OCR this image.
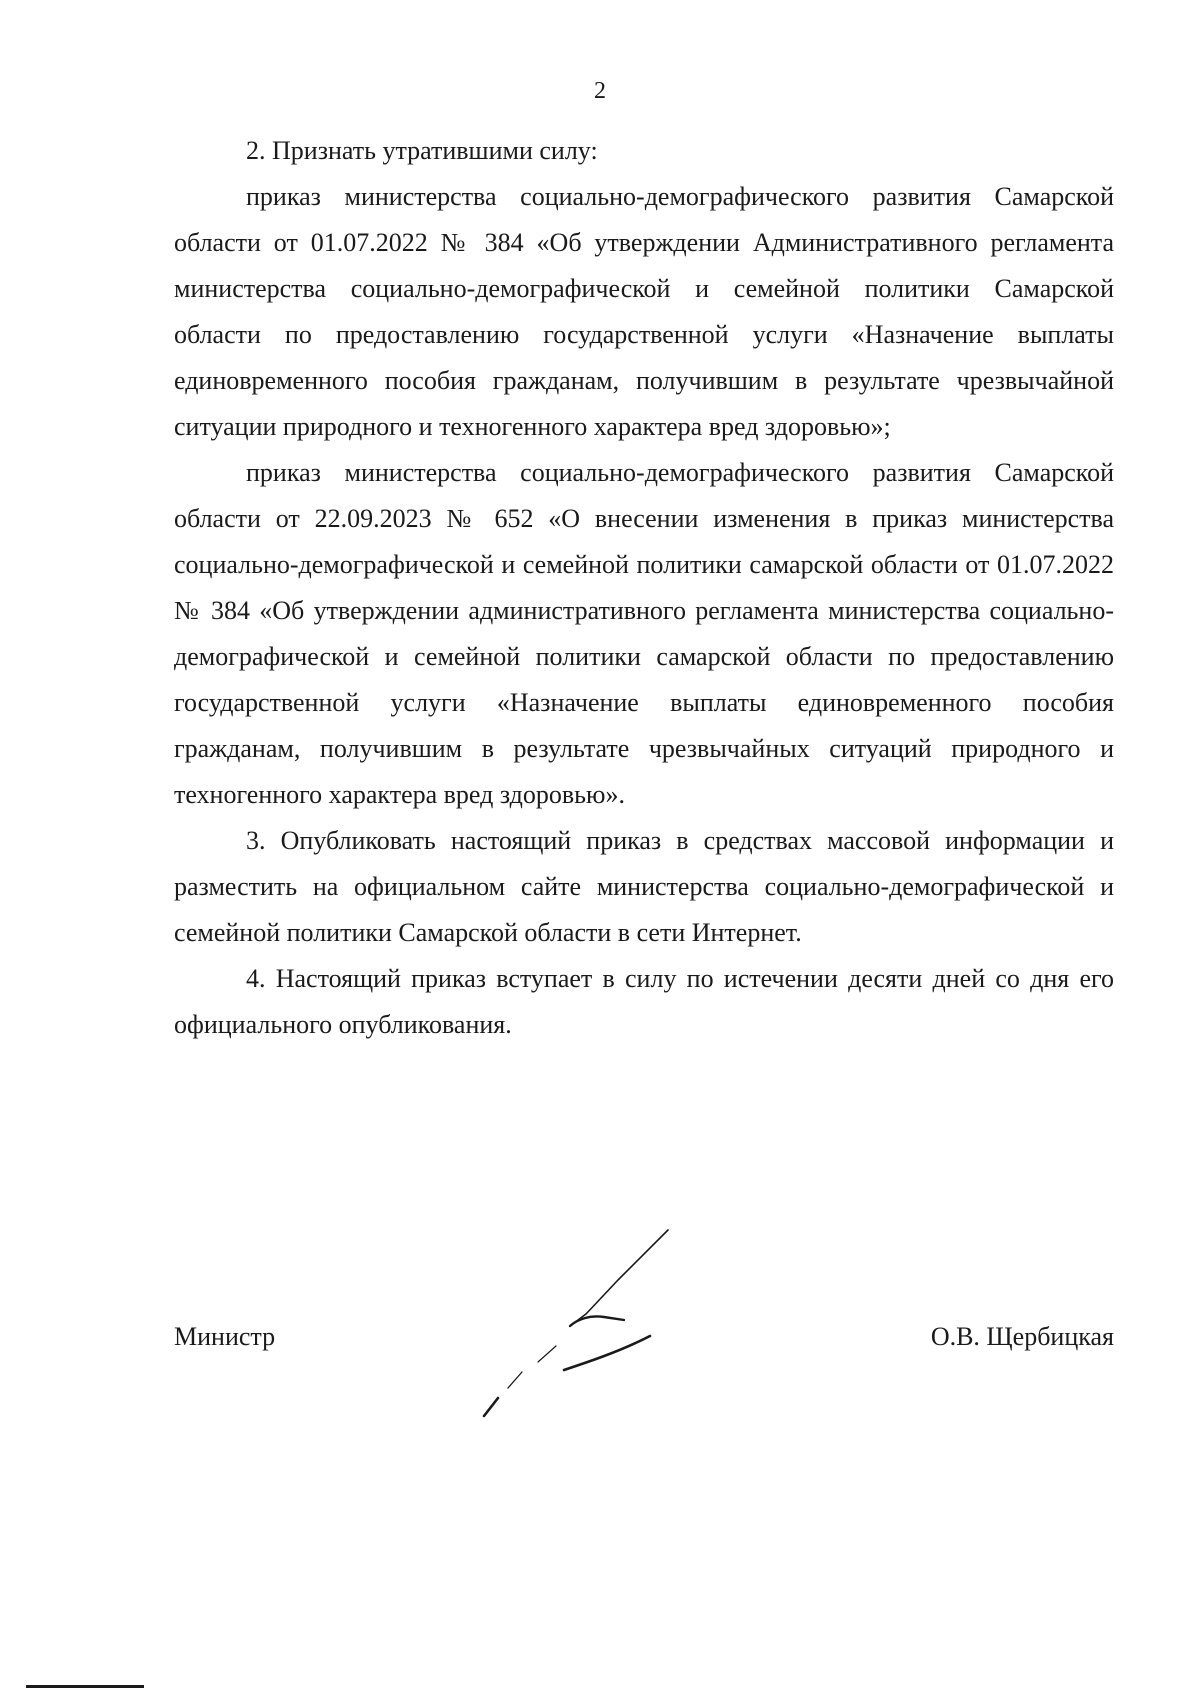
2

2. Признать утратившими силу:

приказ министерства социально-демографического развития Самарской области от 01.07.2022 № 384 «Об утверждении Административного регламента министерства социально-демографической и семейной политики Самарской области по предоставлению государственной услуги «Назначение выплаты единовременного пособия гражданам, получившим в результате чрезвычайной ситуации природного и техногенного характера вред здоровью»;

приказ министерства социально-демографического развития Самарской области от 22.09.2023 № 652 «О внесении изменения в приказ министерства социально-демографической и семейной политики самарской области от 01.07.2022 № 384 «Об утверждении административного регламента министерства социально-демографической и семейной политики самарской области по предоставлению государственной услуги «Назначение выплаты единовременного пособия гражданам, получившим в результате чрезвычайных ситуаций природного и техногенного характера вред здоровью».

3. Опубликовать настоящий приказ в средствах массовой информации и разместить на официальном сайте министерства социально-демографической и семейной политики Самарской области в сети Интернет.

4. Настоящий приказ вступает в силу по истечении десяти дней со дня его официального опубликования.

Министр	О.В. Щербицкая
